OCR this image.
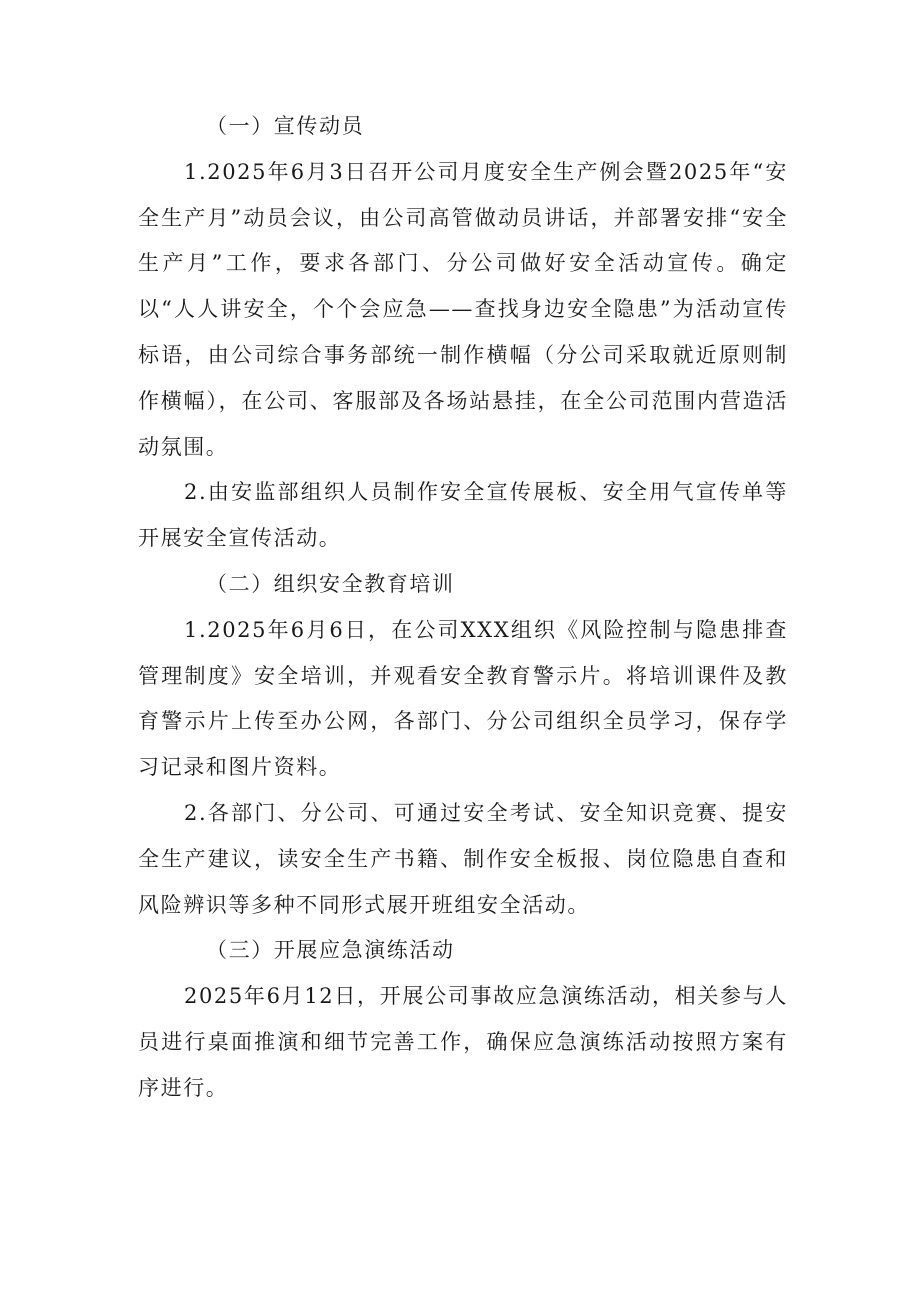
（一）宣传动员

1.2025年6月3日召开公司月度安全生产例会暨2025年“安全生产月”动员会议，由公司高管做动员讲话，并部署安排“安全生产月”工作，要求各部门、分公司做好安全活动宣传。确定以“人人讲安全，个个会应急——查找身边安全隐患”为活动宣传标语，由公司综合事务部统一制作横幅（分公司采取就近原则制作横幅），在公司、客服部及各场站悬挂，在全公司范围内营造活动氛围。

2.由安监部组织人员制作安全宣传展板、安全用气宣传单等开展安全宣传活动。

（二）组织安全教育培训

1.2025年6月6日，在公司XXX组织《风险控制与隐患排查管理制度》安全培训，并观看安全教育警示片。将培训课件及教育警示片上传至办公网，各部门、分公司组织全员学习，保存学习记录和图片资料。

2.各部门、分公司、可通过安全考试、安全知识竞赛、提安全生产建议，读安全生产书籍、制作安全板报、岗位隐患自查和风险辨识等多种不同形式展开班组安全活动。

（三）开展应急演练活动

2025年6月12日，开展公司事故应急演练活动，相关参与人员进行桌面推演和细节完善工作，确保应急演练活动按照方案有序进行。
